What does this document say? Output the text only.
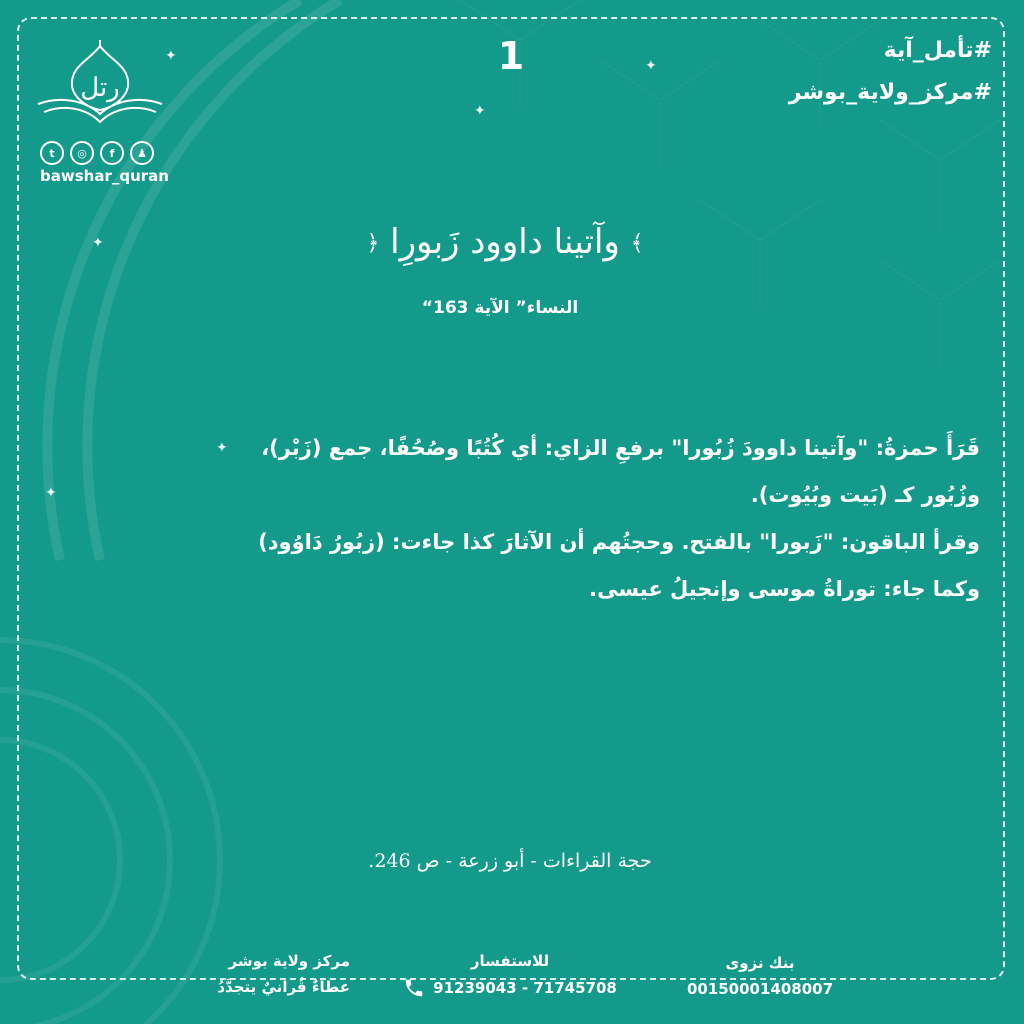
1	#تأمل_آية
#مركز_ولاية_بوشر
رتل
t	◎	f	♟
bawshar_quran
✦
✦
✦
✦
✦
✦
﴾ وآتينا داوود زَبورِا ﴿
النساء” الآية 163“

قَرَأَ حمزةُ: "وآتينا داوودَ زُبُورا" برفعِ الزاي: أي كُتُبًا وصُحُفًا، جمع (زَبْر)، وزُبُور كـ (بَيت وبُيُوت).

وقرأ الباقون: "زَبورا" بالفتح. وحجتُهم أن الآثارَ كذا جاءت: (زبُورُ دَاوُود) وكما جاء: توراةُ موسى وإنجيلُ عيسى.

حجة القراءات - أبو زرعة - ص 246.
مركز ولاية بوشر
عطاءٌ قُرانيٌ يتجدَّدُ
للاستفسار
91239043 - 71745708
بنك نزوى
00150001408007
